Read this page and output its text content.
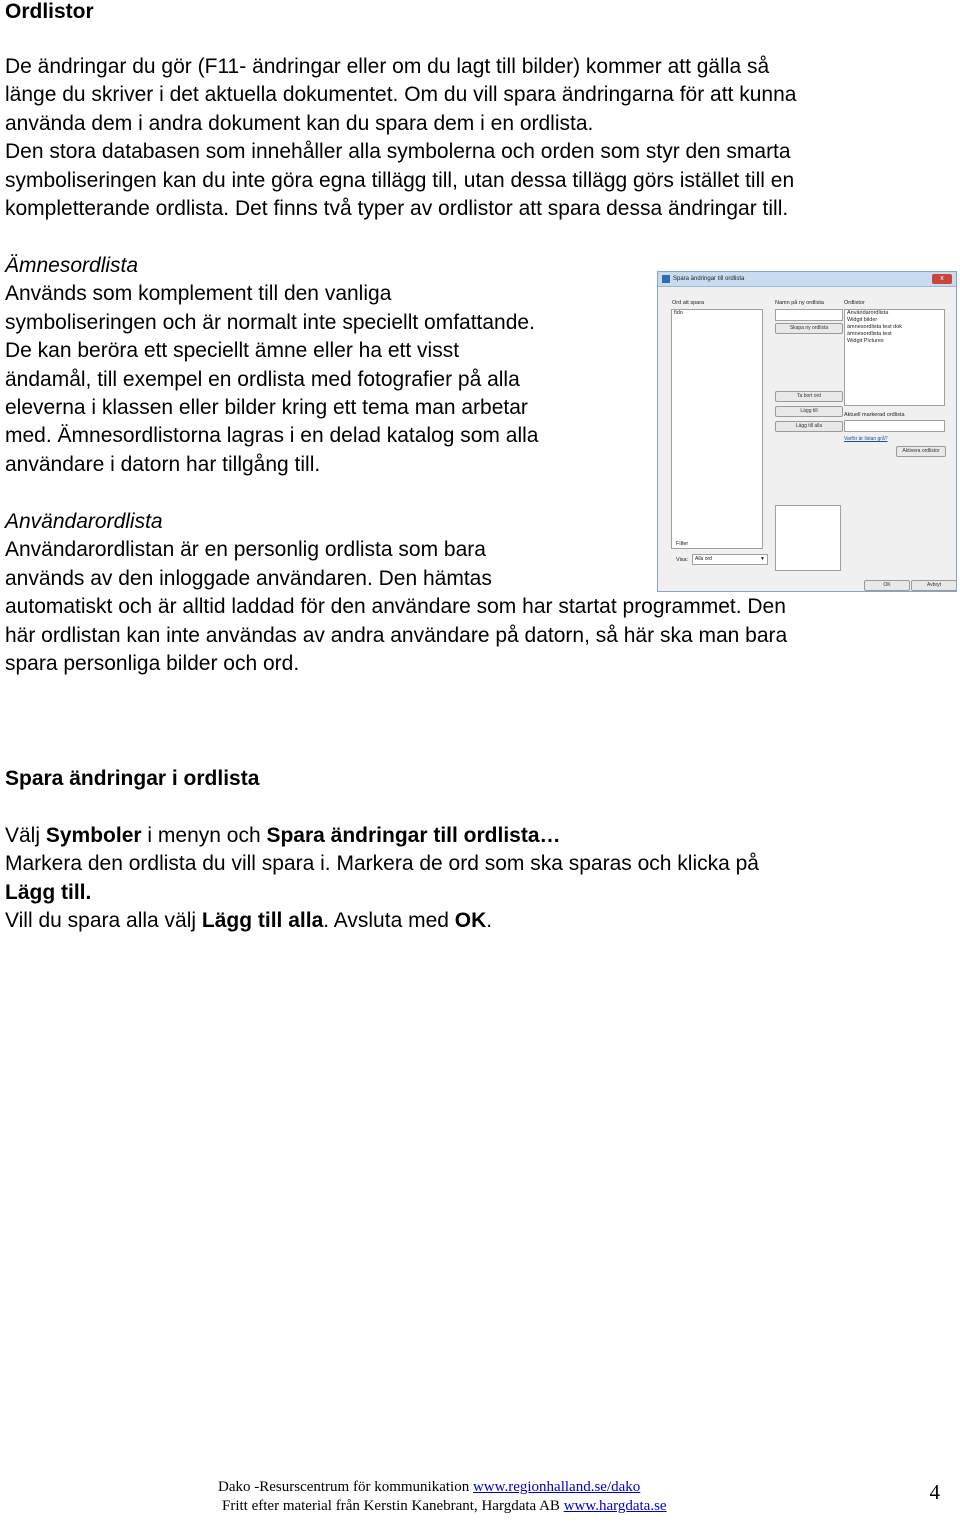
Ordlistor
De ändringar du gör (F11- ändringar eller om du lagt till bilder) kommer att gälla så
länge du skriver i det aktuella dokumentet. Om du vill spara ändringarna för att kunna
använda dem i andra dokument kan du spara dem i en ordlista.
Den stora databasen som innehåller alla symbolerna och orden som styr den smarta
symboliseringen kan du inte göra egna tillägg till, utan dessa tillägg görs istället till en
kompletterande ordlista. Det finns två typer av ordlistor att spara dessa ändringar till.
Ämnesordlista
Används som komplement till den vanliga
symboliseringen och är normalt inte speciellt omfattande.
De kan beröra ett speciellt ämne eller ha ett visst
ändamål, till exempel en ordlista med fotografier på alla
eleverna i klassen eller bilder kring ett tema man arbetar
med. Ämnesordlistorna lagras i en delad katalog som alla
användare i datorn har tillgång till.
Användarordlista
Användarordlistan är en personlig ordlista som bara
används av den inloggade användaren. Den hämtas
automatiskt och är alltid laddad för den användare som har startat programmet. Den
här ordlistan kan inte användas av andra användare på datorn, så här ska man bara
spara personliga bilder och ord.
Spara ändringar till ordlista	x
Ord att spara
fido
Namn på ny ordlista
Skapa ny ordlista
Ordlistor
Användarordlista
Widgit bilder
ämnesordlista test dok
ämnesordlista test
Widgit Pictures
Ta bort ord
Lägg till
Lägg till alla
Aktuell markerad ordlista
Varför är listan grå?
Aktivera ordlistor
Filter
Visa:	Alla ord	▼
OK	Avbryt
Spara ändringar i ordlista
Välj Symboler i menyn och Spara ändringar till ordlista…
Markera den ordlista du vill spara i. Markera de ord som ska sparas och klicka på
Lägg till.
Vill du spara alla välj Lägg till alla. Avsluta med OK.
Dako -Resurscentrum för kommunikation www.regionhalland.se/dako
Fritt efter material från Kerstin Kanebrant, Hargdata AB www.hargdata.se
4
